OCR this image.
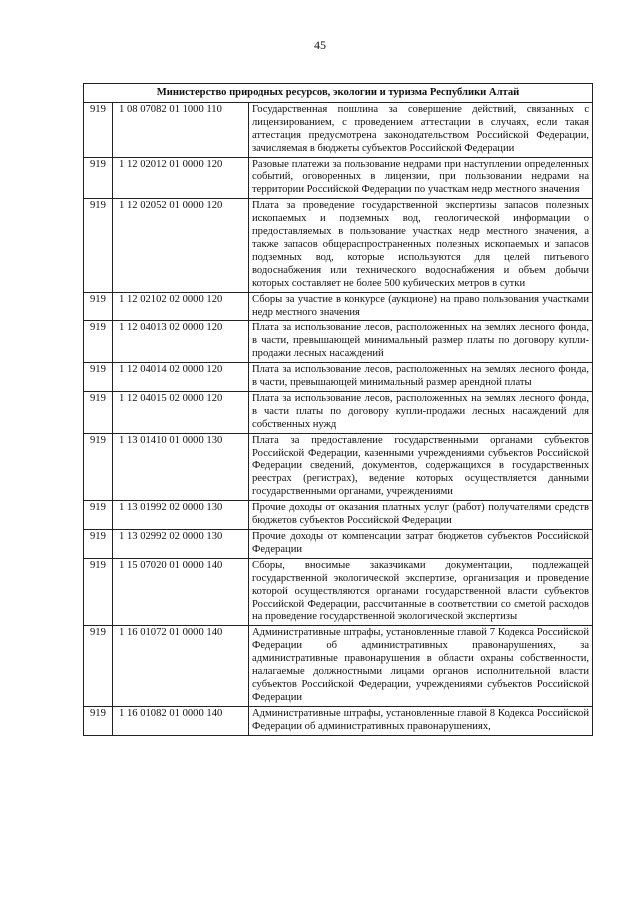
45
Министерство природных ресурсов, экологии и туризма Республики Алтай		
919	1 08 07082 01 1000 110	Государственная пошлина за совершение действий, связанных с лицензированием, с проведением аттестации в случаях, если такая аттестация предусмотрена законодательством Российской Федерации, зачисляемая в бюджеты субъектов Российской Федерации
919	1 12 02012 01 0000 120	Разовые платежи за пользование недрами при наступлении определенных событий, оговоренных в лицензии, при пользовании недрами на территории Российской Федерации по участкам недр местного значения
919	1 12 02052 01 0000 120	Плата за проведение государственной экспертизы запасов полезных ископаемых и подземных вод, геологической информации о предоставляемых в пользование участках недр местного значения, а также запасов общераспространенных полезных ископаемых и запасов подземных вод, которые используются для целей питьевого водоснабжения или технического водоснабжения и объем добычи которых составляет не более 500 кубических метров в сутки
919	1 12 02102 02 0000 120	Сборы за участие в конкурсе (аукционе) на право пользования участками недр местного значения
919	1 12 04013 02 0000 120	Плата за использование лесов, расположенных на землях лесного фонда, в части, превышающей минимальный размер платы по договору купли-продажи лесных насаждений
919	1 12 04014 02 0000 120	Плата за использование лесов, расположенных на землях лесного фонда, в части, превышающей минимальный размер арендной платы
919	1 12 04015 02 0000 120	Плата за использование лесов, расположенных на землях лесного фонда, в части платы по договору купли-продажи лесных насаждений для собственных нужд
919	1 13 01410 01 0000 130	Плата за предоставление государственными органами субъектов Российской Федерации, казенными учреждениями субъектов Российской Федерации сведений, документов, содержащихся в государственных реестрах (регистрах), ведение которых осуществляется данными государственными органами, учреждениями
919	1 13 01992 02 0000 130	Прочие доходы от оказания платных услуг (работ) получателями средств бюджетов субъектов Российской Федерации
919	1 13 02992 02 0000 130	Прочие доходы от компенсации затрат бюджетов субъектов Российской Федерации
919	1 15 07020 01 0000 140	Сборы, вносимые заказчиками документации, подлежащей государственной экологической экспертизе, организация и проведение которой осуществляются органами государственной власти субъектов Российской Федерации, рассчитанные в соответствии со сметой расходов на проведение государственной экологической экспертизы
919	1 16 01072 01 0000 140	Административные штрафы, установленные главой 7 Кодекса Российской Федерации об административных правонарушениях, за административные правонарушения в области охраны собственности, налагаемые должностными лицами органов исполнительной власти субъектов Российской Федерации, учреждениями субъектов Российской Федерации
919	1 16 01082 01 0000 140	Административные штрафы, установленные главой 8 Кодекса Российской Федерации об административных правонарушениях,
